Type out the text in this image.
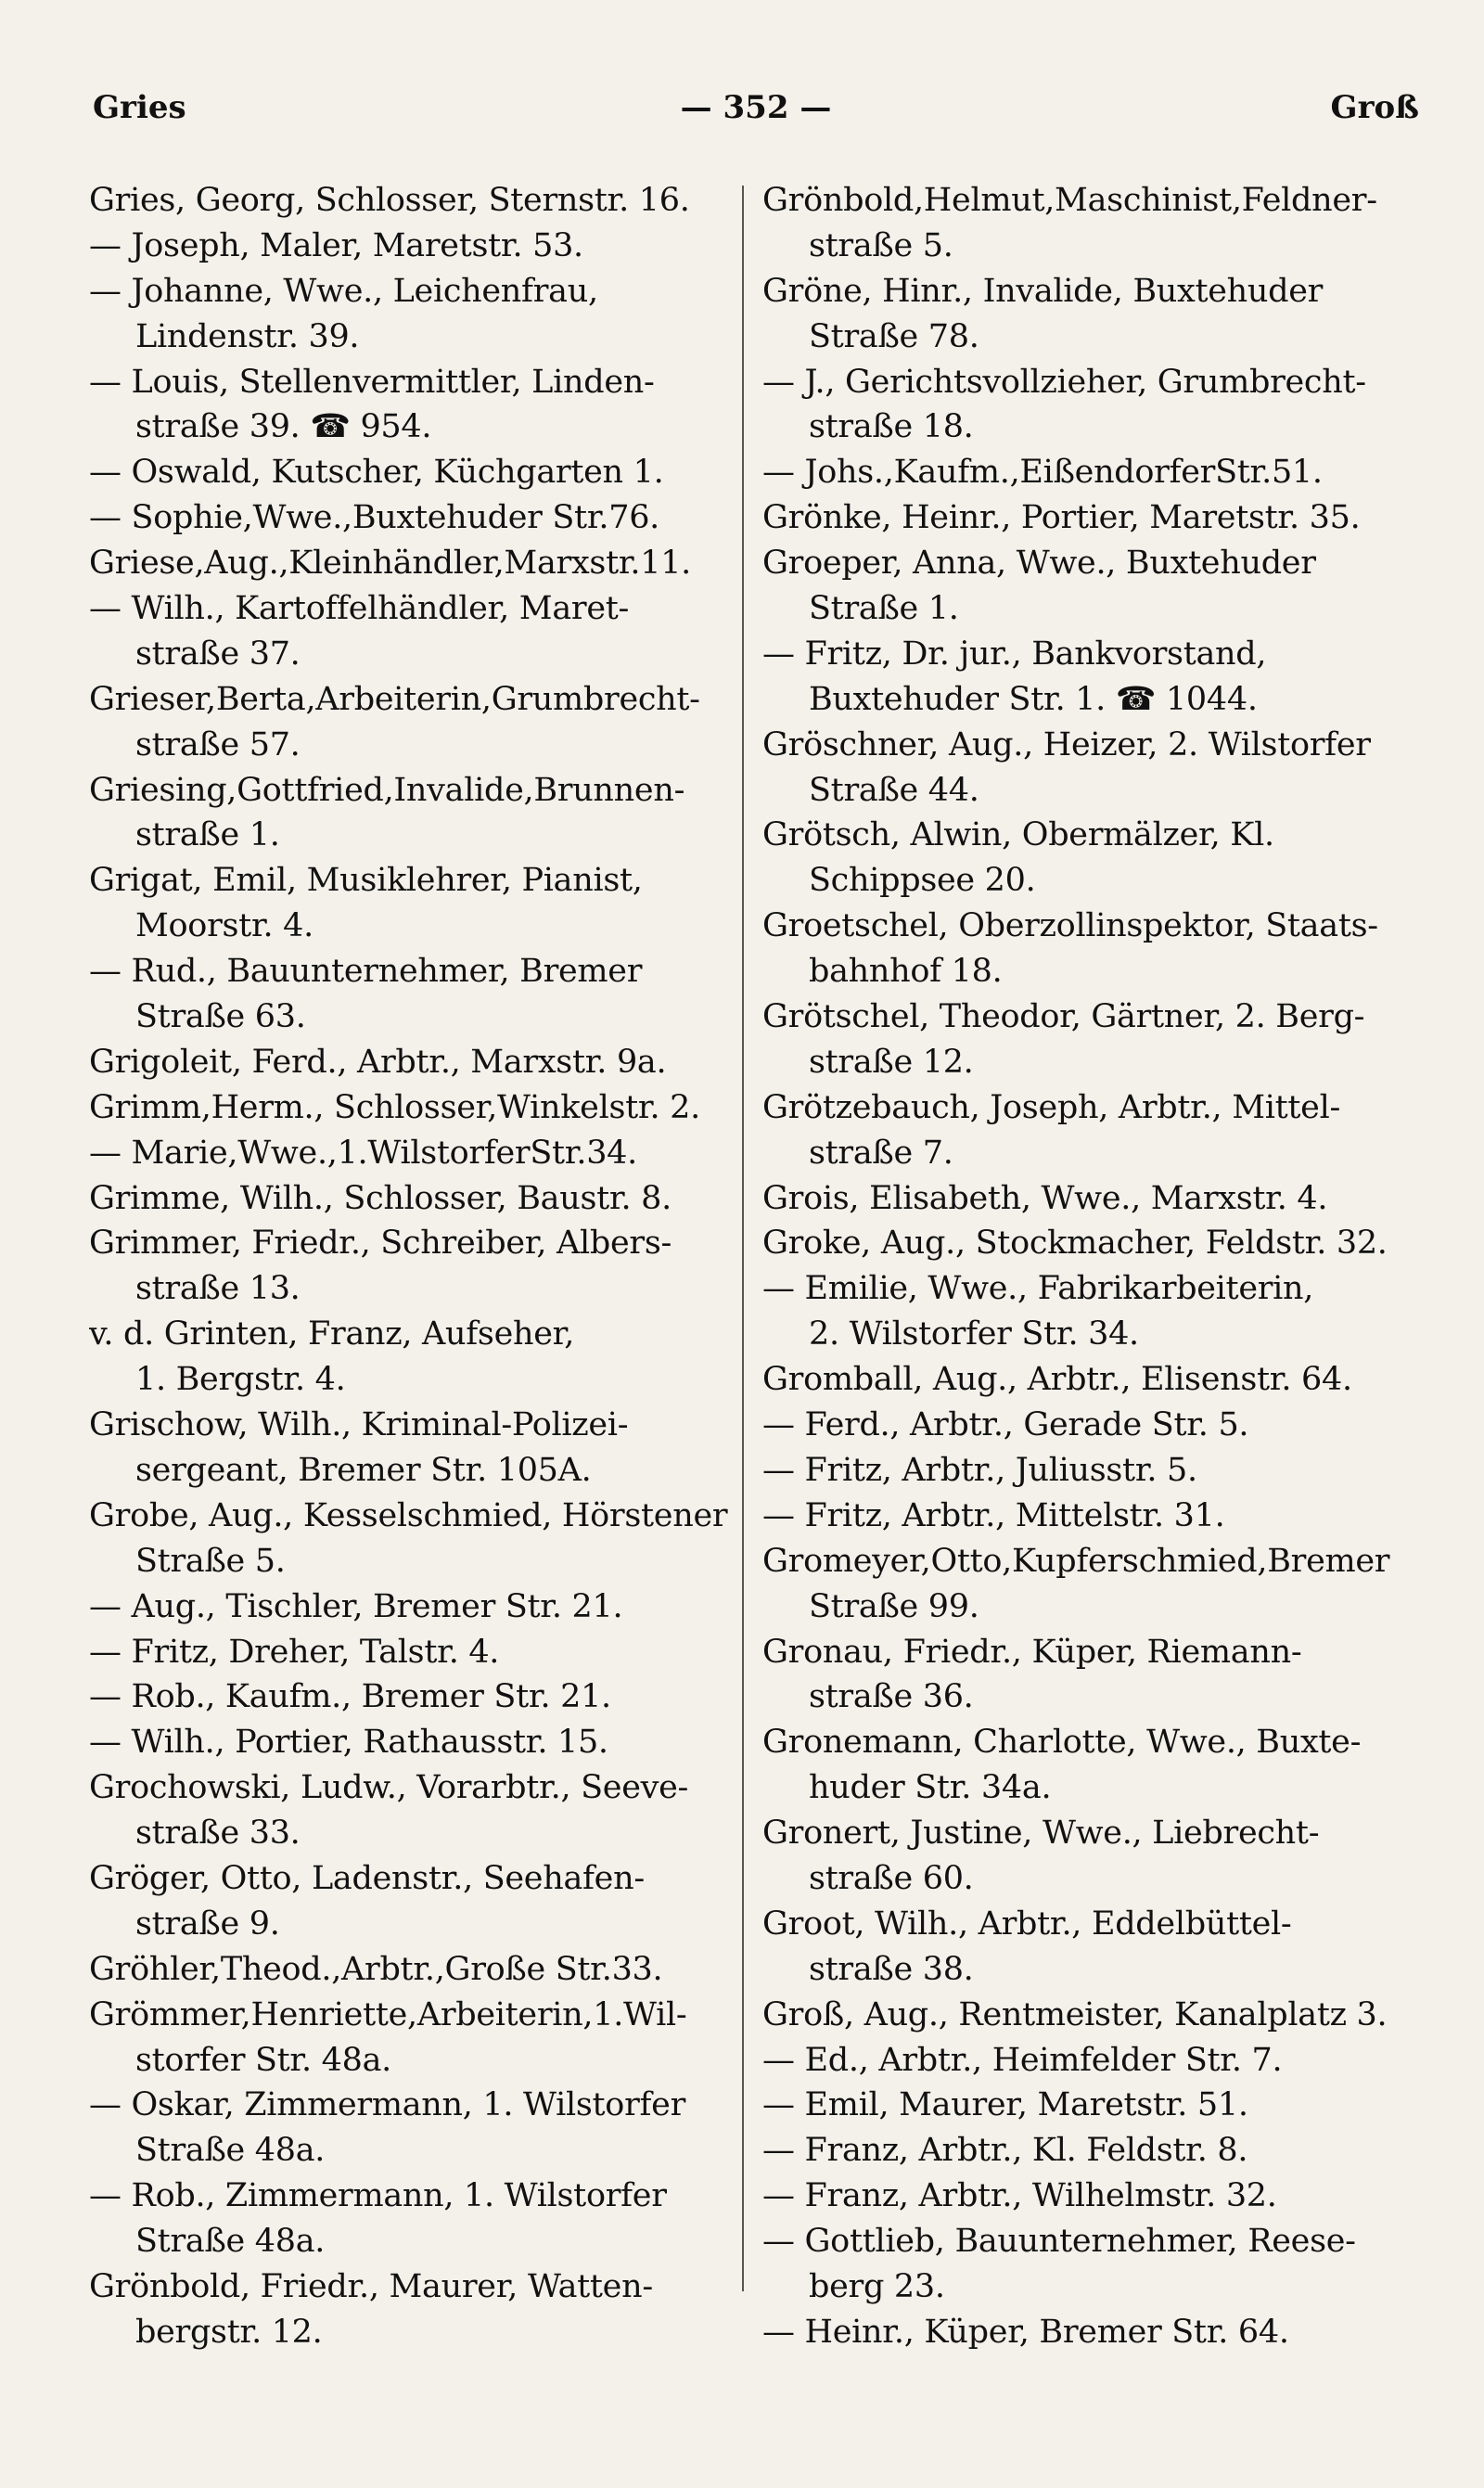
Gries	— 352 —	Groß
Gries, Georg, Schlosser, Sternstr. 16.
— Joseph, Maler, Maretstr. 53.
— Johanne, Wwe., Leichenfrau,
Lindenstr. 39.
— Louis, Stellenvermittler, Linden-
straße 39. ☎ 954.
— Oswald, Kutscher, Küchgarten 1.
— Sophie,Wwe.,Buxtehuder Str.76.
Griese,Aug.,Kleinhändler,Marxstr.11.
— Wilh., Kartoffelhändler, Maret-
straße 37.
Grieser,Berta,Arbeiterin,Grumbrecht-
straße 57.
Griesing,Gottfried,Invalide,Brunnen-
straße 1.
Grigat, Emil, Musiklehrer, Pianist,
Moorstr. 4.
— Rud., Bauunternehmer, Bremer
Straße 63.
Grigoleit, Ferd., Arbtr., Marxstr. 9a.
Grimm,Herm., Schlosser,Winkelstr. 2.
— Marie,Wwe.,1.WilstorferStr.34.
Grimme, Wilh., Schlosser, Baustr. 8.
Grimmer, Friedr., Schreiber, Albers-
straße 13.
v. d. Grinten, Franz, Aufseher,
1. Bergstr. 4.
Grischow, Wilh., Kriminal-Polizei-
sergeant, Bremer Str. 105A.
Grobe, Aug., Kesselschmied, Hörstener
Straße 5.
— Aug., Tischler, Bremer Str. 21.
— Fritz, Dreher, Talstr. 4.
— Rob., Kaufm., Bremer Str. 21.
— Wilh., Portier, Rathausstr. 15.
Grochowski, Ludw., Vorarbtr., Seeve-
straße 33.
Gröger, Otto, Ladenstr., Seehafen-
straße 9.
Gröhler,Theod.,Arbtr.,Große Str.33.
Grömmer,Henriette,Arbeiterin,1.Wil-
storfer Str. 48a.
— Oskar, Zimmermann, 1. Wilstorfer
Straße 48a.
— Rob., Zimmermann, 1. Wilstorfer
Straße 48a.
Grönbold, Friedr., Maurer, Watten-
bergstr. 12.
Grönbold,Helmut,Maschinist,Feldner-
straße 5.
Gröne, Hinr., Invalide, Buxtehuder
Straße 78.
— J., Gerichtsvollzieher, Grumbrecht-
straße 18.
— Johs.,Kaufm.,EißendorferStr.51.
Grönke, Heinr., Portier, Maretstr. 35.
Groeper, Anna, Wwe., Buxtehuder
Straße 1.
— Fritz, Dr. jur., Bankvorstand,
Buxtehuder Str. 1. ☎ 1044.
Gröschner, Aug., Heizer, 2. Wilstorfer
Straße 44.
Grötsch, Alwin, Obermälzer, Kl.
Schippsee 20.
Groetschel, Oberzollinspektor, Staats-
bahnhof 18.
Grötschel, Theodor, Gärtner, 2. Berg-
straße 12.
Grötzebauch, Joseph, Arbtr., Mittel-
straße 7.
Grois, Elisabeth, Wwe., Marxstr. 4.
Groke, Aug., Stockmacher, Feldstr. 32.
— Emilie, Wwe., Fabrikarbeiterin,
2. Wilstorfer Str. 34.
Gromball, Aug., Arbtr., Elisenstr. 64.
— Ferd., Arbtr., Gerade Str. 5.
— Fritz, Arbtr., Juliusstr. 5.
— Fritz, Arbtr., Mittelstr. 31.
Gromeyer,Otto,Kupferschmied,Bremer
Straße 99.
Gronau, Friedr., Küper, Riemann-
straße 36.
Gronemann, Charlotte, Wwe., Buxte-
huder Str. 34a.
Gronert, Justine, Wwe., Liebrecht-
straße 60.
Groot, Wilh., Arbtr., Eddelbüttel-
straße 38.
Groß, Aug., Rentmeister, Kanalplatz 3.
— Ed., Arbtr., Heimfelder Str. 7.
— Emil, Maurer, Maretstr. 51.
— Franz, Arbtr., Kl. Feldstr. 8.
— Franz, Arbtr., Wilhelmstr. 32.
— Gottlieb, Bauunternehmer, Reese-
berg 23.
— Heinr., Küper, Bremer Str. 64.
